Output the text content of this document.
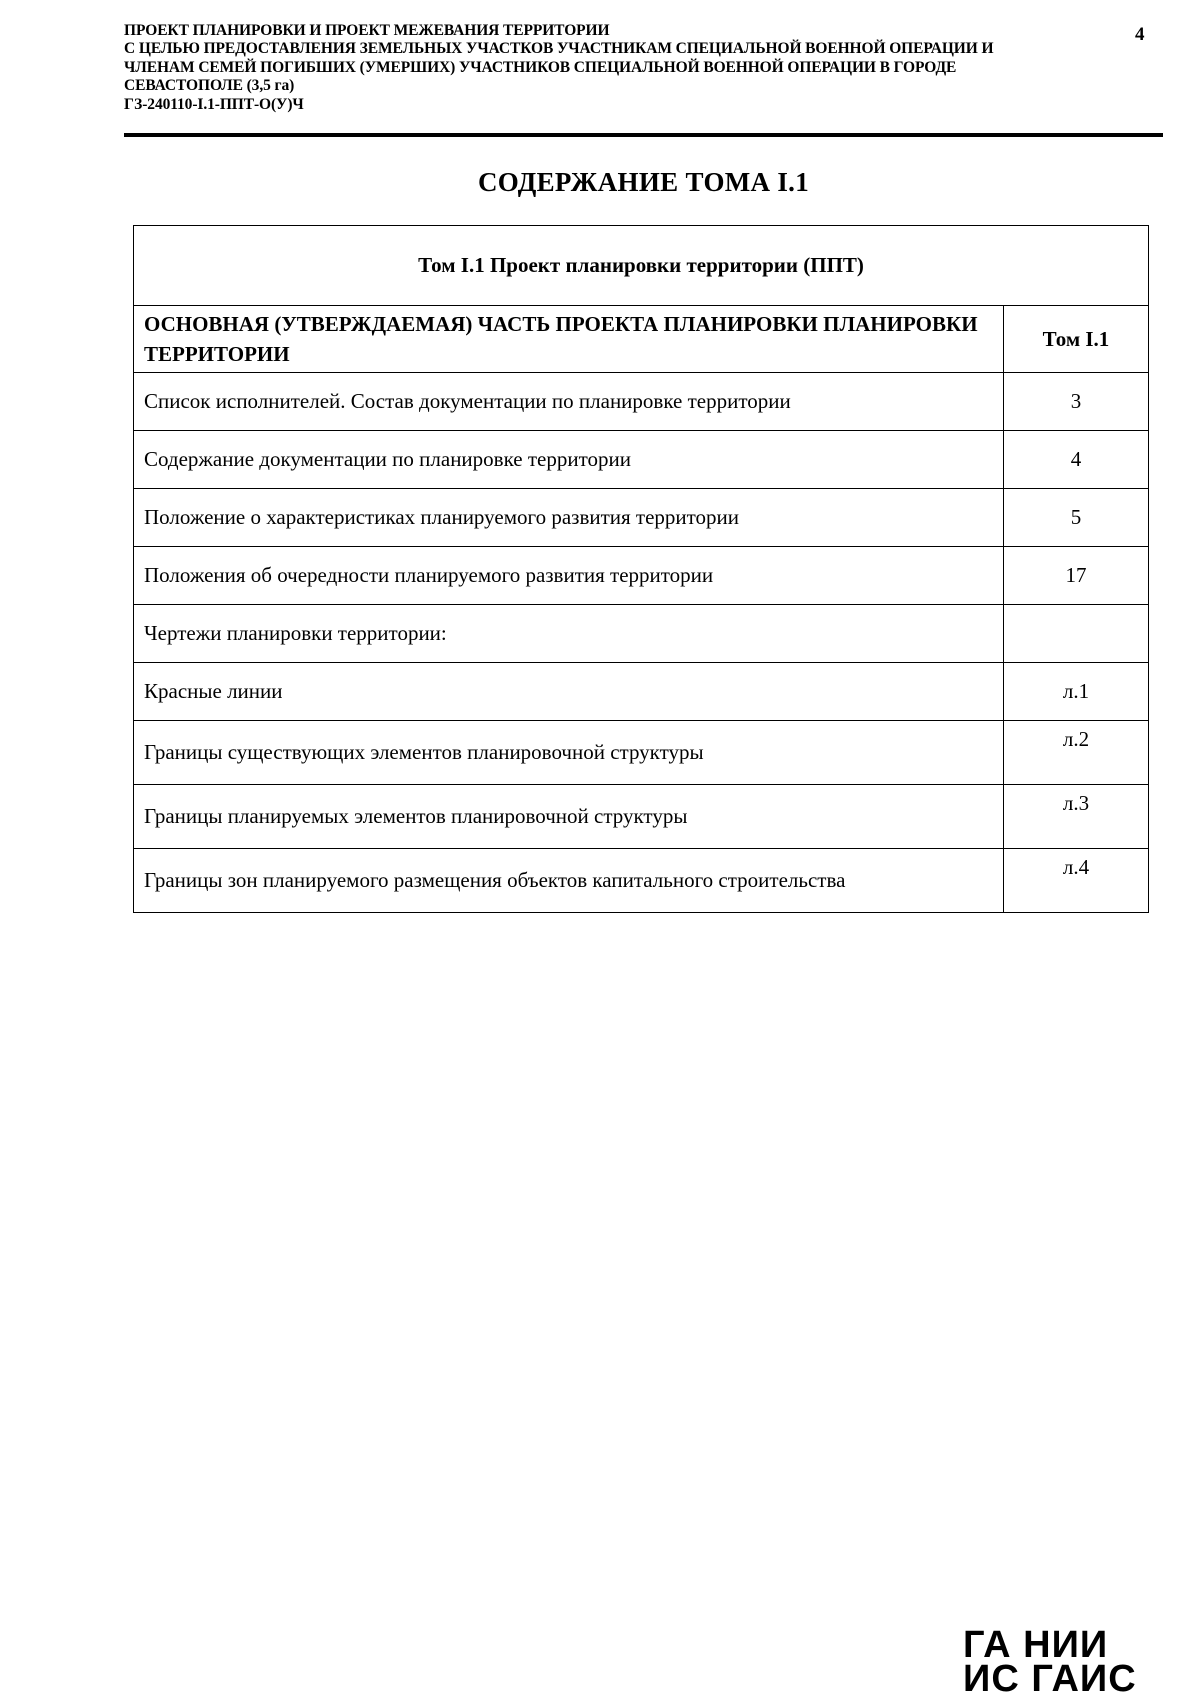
ПРОЕКТ ПЛАНИРОВКИ И ПРОЕКТ МЕЖЕВАНИЯ ТЕРРИТОРИИ
С ЦЕЛЬЮ ПРЕДОСТАВЛЕНИЯ ЗЕМЕЛЬНЫХ УЧАСТКОВ УЧАСТНИКАМ СПЕЦИАЛЬНОЙ ВОЕННОЙ ОПЕРАЦИИ И
ЧЛЕНАМ СЕМЕЙ ПОГИБШИХ (УМЕРШИХ) УЧАСТНИКОВ СПЕЦИАЛЬНОЙ ВОЕННОЙ ОПЕРАЦИИ В ГОРОДЕ
СЕВАСТОПОЛЕ (3,5 га)
ГЗ-240110-I.1-ППТ-О(У)Ч
4
СОДЕРЖАНИЕ ТОМА I.1
Том I.1 Проект планировки территории (ППТ)	
ОСНОВНАЯ (УТВЕРЖДАЕМАЯ) ЧАСТЬ ПРОЕКТА ПЛАНИРОВКИ ПЛАНИРОВКИ ТЕРРИТОРИИ	Том I.1
Список исполнителей. Состав документации по планировке территории	3
Содержание документации по планировке территории	4
Положение о характеристиках планируемого развития территории	5
Положения об очередности планируемого развития территории	17
Чертежи планировки территории:	
Красные линии	л.1
Границы существующих элементов планировочной структуры	л.2
Границы планируемых элементов планировочной структуры	л.3
Границы зон планируемого размещения объектов капитального строительства	л.4
ГА НИИ
ИС ГАИС
